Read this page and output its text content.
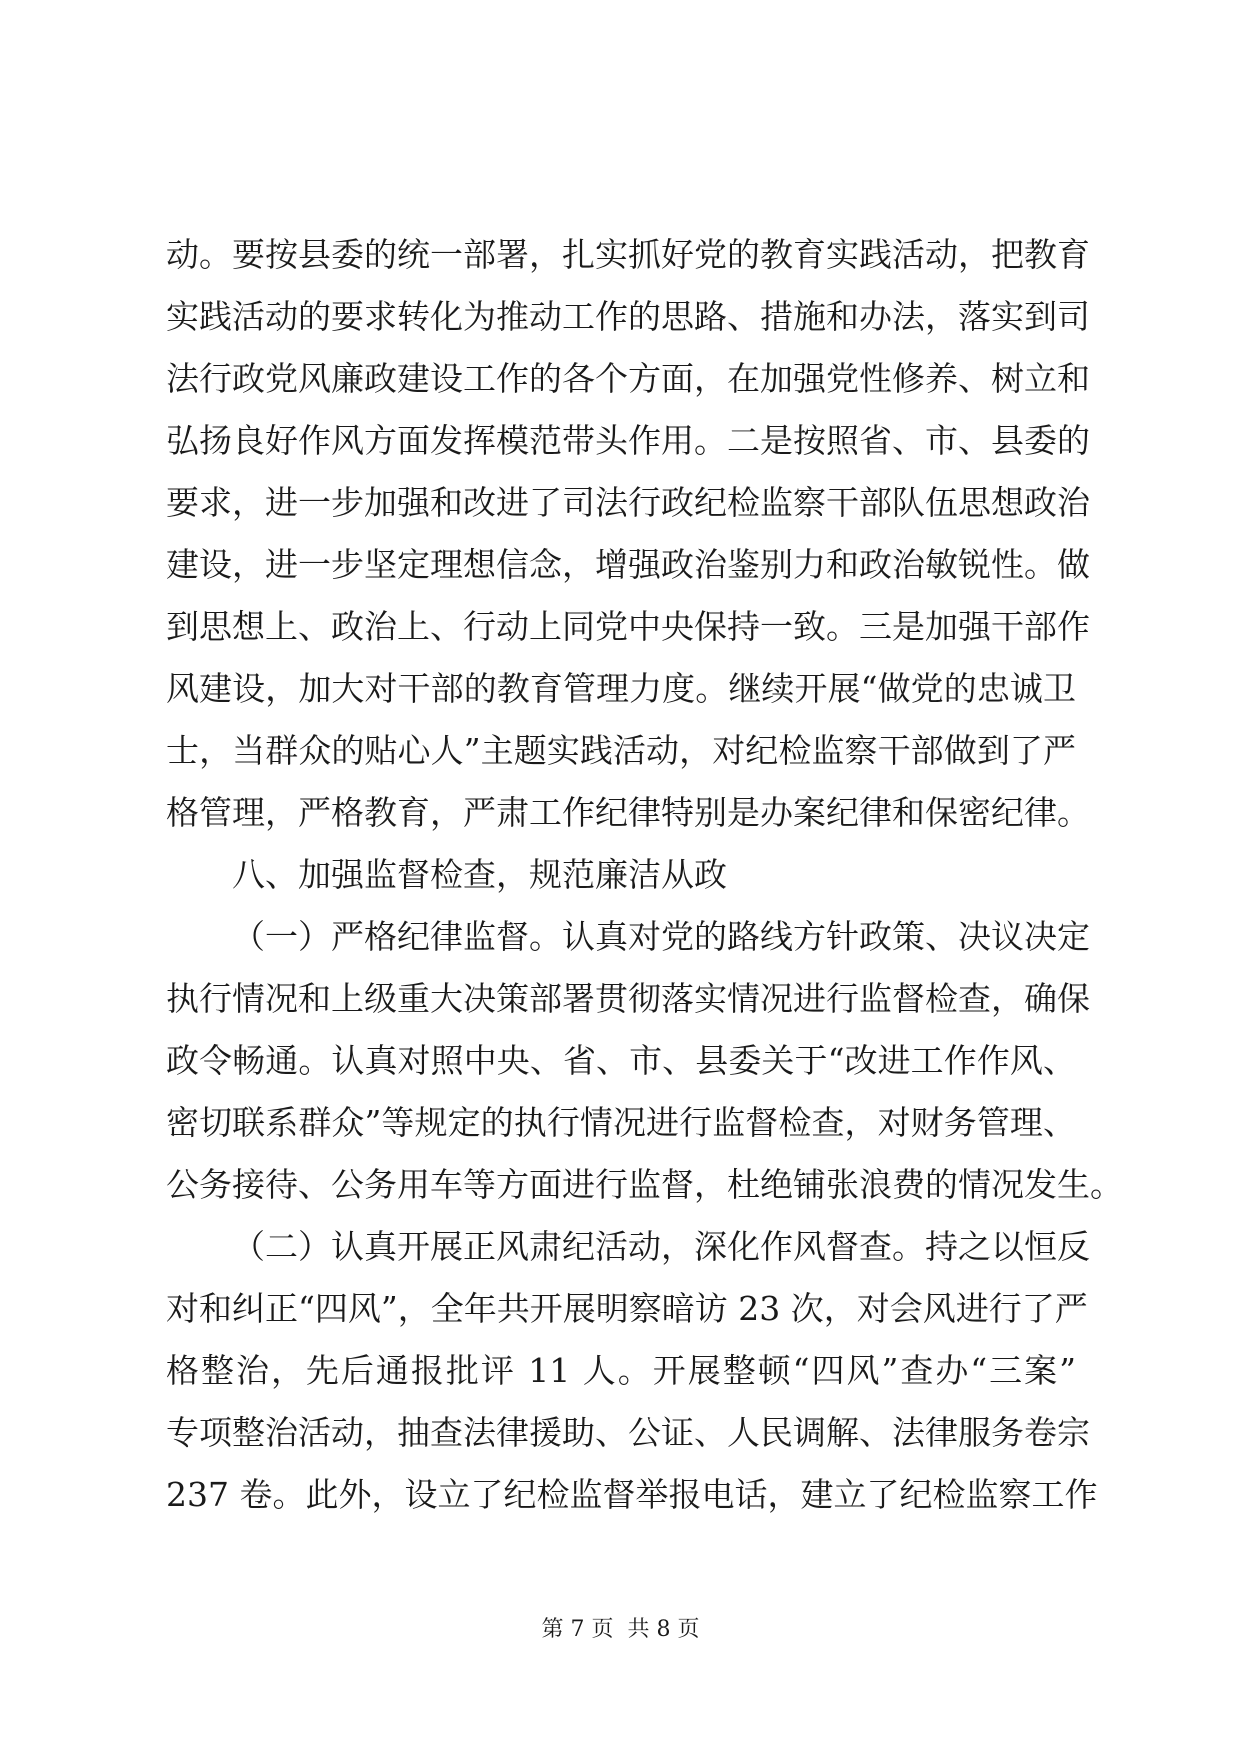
动。要按县委的统一部署，扎实抓好党的教育实践活动，把教育
实践活动的要求转化为推动工作的思路、措施和办法，落实到司
法行政党风廉政建设工作的各个方面，在加强党性修养、树立和
弘扬良好作风方面发挥模范带头作用。二是按照省、市、县委的
要求，进一步加强和改进了司法行政纪检监察干部队伍思想政治
建设，进一步坚定理想信念，增强政治鉴别力和政治敏锐性。做
到思想上、政治上、行动上同党中央保持一致。三是加强干部作
风建设，加大对干部的教育管理力度。继续开展“做党的忠诚卫
士，当群众的贴心人”主题实践活动，对纪检监察干部做到了严
格管理，严格教育，严肃工作纪律特别是办案纪律和保密纪律。
八、加强监督检查，规范廉洁从政
（一）严格纪律监督。认真对党的路线方针政策、决议决定
执行情况和上级重大决策部署贯彻落实情况进行监督检查，确保
政令畅通。认真对照中央、省、市、县委关于“改进工作作风、
密切联系群众”等规定的执行情况进行监督检查，对财务管理、
公务接待、公务用车等方面进行监督，杜绝铺张浪费的情况发生。
（二）认真开展正风肃纪活动，深化作风督查。持之以恒反
对和纠正“四风”，全年共开展明察暗访 23 次，对会风进行了严
格整治，先后通报批评 11 人。开展整顿“四风”查办“三案”
专项整治活动，抽查法律援助、公证、人民调解、法律服务卷宗
237 卷。此外，设立了纪检监督举报电话，建立了纪检监察工作
第 7 页  共 8 页
